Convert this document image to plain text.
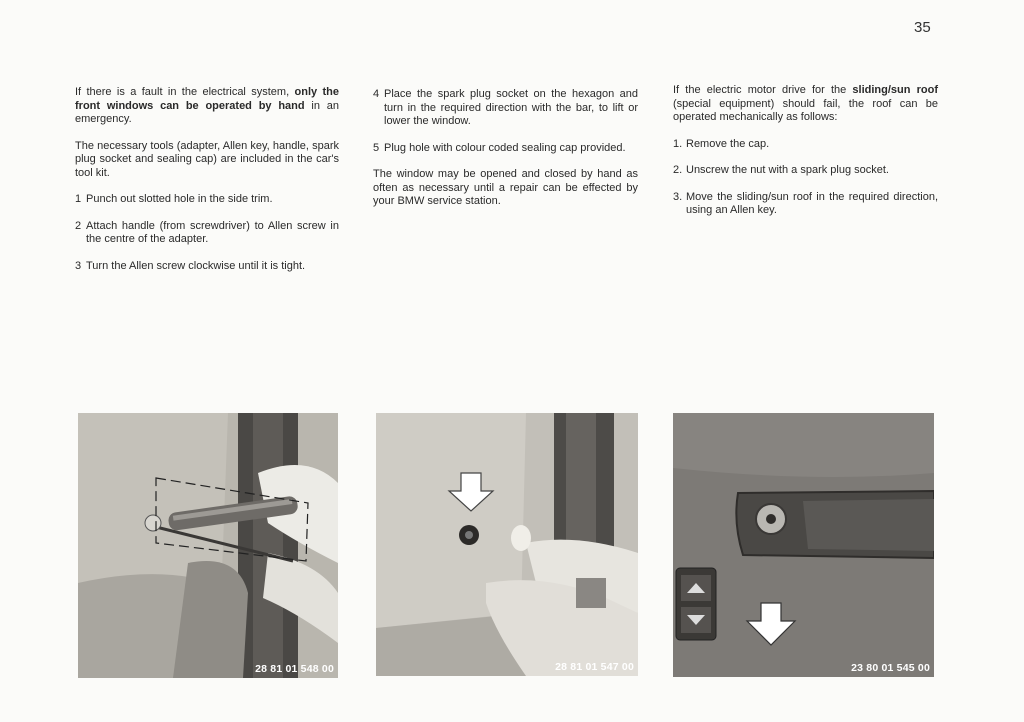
35

If there is a fault in the electrical system, only the front windows can be operated by hand in an emergency.

The necessary tools (adapter, Allen key, handle, spark plug socket and sealing cap) are included in the car's tool kit.

1 Punch out slotted hole in the side trim.
2 Attach handle (from screwdriver) to Allen screw in the centre of the adapter.
3 Turn the Allen screw clockwise until it is tight.
4 Place the spark plug socket on the hexagon and turn in the required direction with the bar, to lift or lower the window.
5 Plug hole with colour coded sealing cap provided.

The window may be opened and closed by hand as often as necessary until a repair can be effected by your BMW service station.

If the electric motor drive for the sliding/sun roof (special equipment) should fail, the roof can be operated mechanically as follows:

1. Remove the cap.
2. Unscrew the nut with a spark plug socket.
3. Move the sliding/sun roof in the required direction, using an Allen key.
28 81 01 548 00	28 81 01 547 00	23 80 01 545 00
